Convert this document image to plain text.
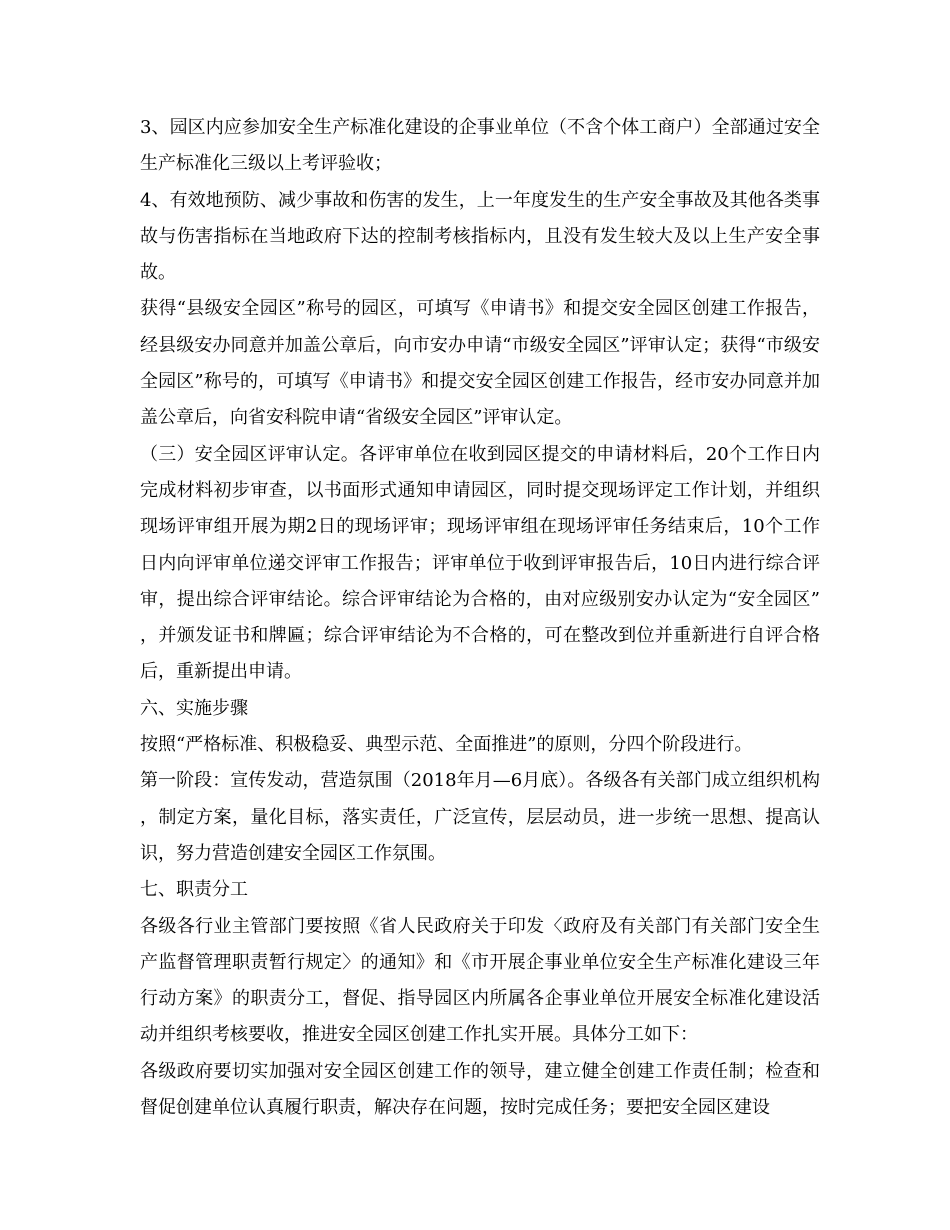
3、园区内应参加安全生产标准化建设的企事业单位（不含个体工商户）全部通过安全生产标准化三级以上考评验收；

4、有效地预防、减少事故和伤害的发生，上一年度发生的生产安全事故及其他各类事故与伤害指标在当地政府下达的控制考核指标内，且没有发生较大及以上生产安全事故。

获得“县级安全园区”称号的园区，可填写《申请书》和提交安全园区创建工作报告，经县级安办同意并加盖公章后，向市安办申请“市级安全园区”评审认定；获得“市级安全园区”称号的，可填写《申请书》和提交安全园区创建工作报告，经市安办同意并加盖公章后，向省安科院申请“省级安全园区”评审认定。

（三）安全园区评审认定。各评审单位在收到园区提交的申请材料后，20个工作日内完成材料初步审查，以书面形式通知申请园区，同时提交现场评定工作计划，并组织现场评审组开展为期2日的现场评审；现场评审组在现场评审任务结束后，10个工作日内向评审单位递交评审工作报告；评审单位于收到评审报告后，10日内进行综合评审，提出综合评审结论。综合评审结论为合格的，由对应级别安办认定为“安全园区”，并颁发证书和牌匾；综合评审结论为不合格的，可在整改到位并重新进行自评合格后，重新提出申请。

六、实施步骤

按照“严格标准、积极稳妥、典型示范、全面推进”的原则，分四个阶段进行。

第一阶段：宣传发动，营造氛围（2018年月—6月底）。各级各有关部门成立组织机构，制定方案，量化目标，落实责任，广泛宣传，层层动员，进一步统一思想、提高认识，努力营造创建安全园区工作氛围。

七、职责分工

各级各行业主管部门要按照《省人民政府关于印发〈政府及有关部门有关部门安全生产监督管理职责暂行规定〉的通知》和《市开展企事业单位安全生产标准化建设三年行动方案》的职责分工，督促、指导园区内所属各企事业单位开展安全标准化建设活动并组织考核要收，推进安全园区创建工作扎实开展。具体分工如下：

各级政府要切实加强对安全园区创建工作的领导，建立健全创建工作责任制；检查和督促创建单位认真履行职责，解决存在问题，按时完成任务；要把安全园区建设
